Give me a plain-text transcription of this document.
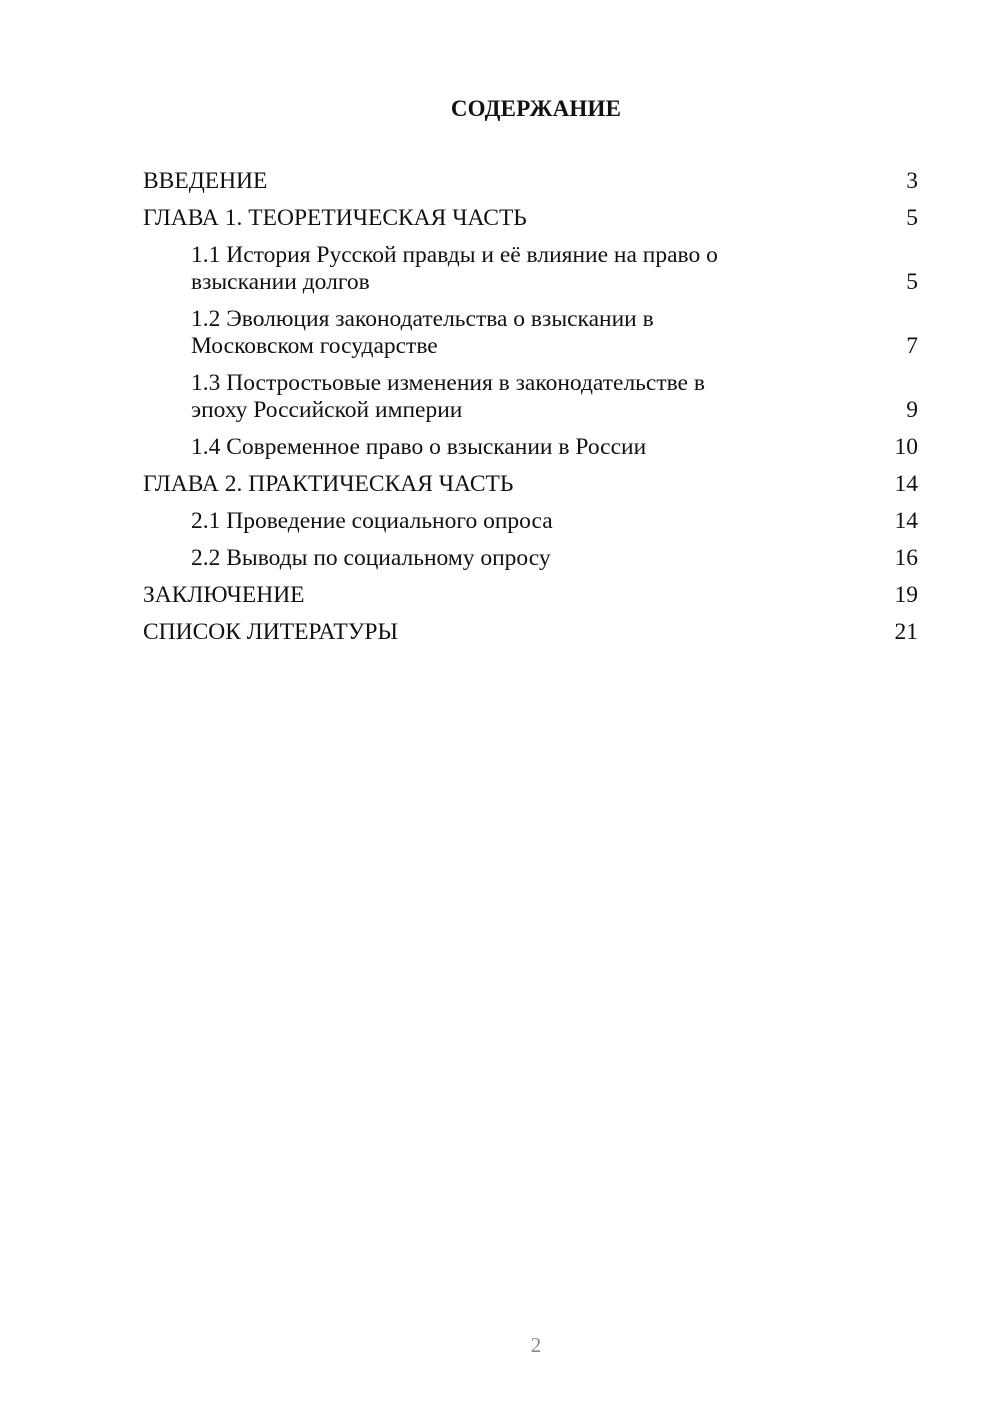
СОДЕРЖАНИЕ
ВВЕДЕНИЕ	3
ГЛАВА 1. ТЕОРЕТИЧЕСКАЯ ЧАСТЬ	5
1.1 История Русской правды и её влияние на право о взыскании долгов	5
1.2 Эволюция законодательства о взыскании в Московском государстве	7
1.3 Постростьовые изменения в законодательстве в эпоху Российской империи	9
1.4 Современное право о взыскании в России	10
ГЛАВА 2. ПРАКТИЧЕСКАЯ ЧАСТЬ	14
2.1 Проведение социального опроса	14
2.2 Выводы по социальному опросу	16
ЗАКЛЮЧЕНИЕ	19
СПИСОК ЛИТЕРАТУРЫ	21
2
